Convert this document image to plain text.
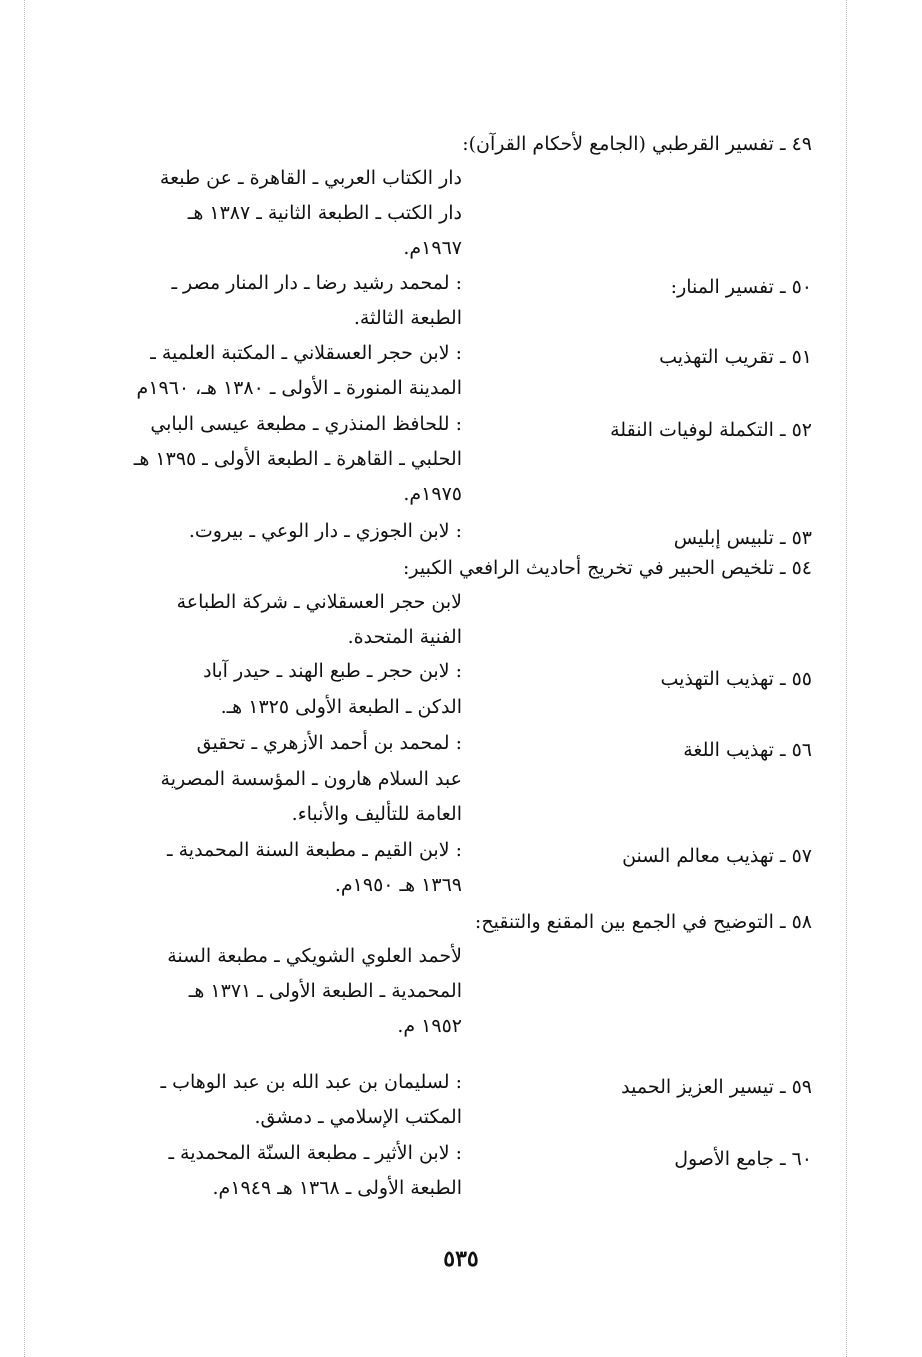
٤٩ ـ تفسير القرطبي (الجامع لأحكام القرآن):
دار الكتاب العربي ـ القاهرة ـ عن طبعة
دار الكتب ـ الطبعة الثانية ـ ١٣٨٧ هـ
١٩٦٧م.
٥٠ ـ تفسير المنار:
: لمحمد رشيد رضا ـ دار المنار مصر ـ
الطبعة الثالثة.
٥١ ـ تقريب التهذيب
: لابن حجر العسقلاني ـ المكتبة العلمية ـ
المدينة المنورة ـ الأولى ـ ١٣٨٠ هـ، ١٩٦٠م
٥٢ ـ التكملة لوفيات النقلة
: للحافظ المنذري ـ مطبعة عيسى البابي
الحلبي ـ القاهرة ـ الطبعة الأولى ـ ١٣٩٥ هـ
١٩٧٥م.
٥٣ ـ تلبيس إبليس
: لابن الجوزي ـ دار الوعي ـ بيروت.
٥٤ ـ تلخيص الحبير في تخريج أحاديث الرافعي الكبير:
لابن حجر العسقلاني ـ شركة الطباعة
الفنية المتحدة.
٥٥ ـ تهذيب التهذيب
: لابن حجر ـ طبع الهند ـ حيدر آباد
الدكن ـ الطبعة الأولى ١٣٢٥ هـ.
٥٦ ـ تهذيب اللغة
: لمحمد بن أحمد الأزهري ـ تحقيق
عبد السلام هارون ـ المؤسسة المصرية
العامة للتأليف والأنباء.
٥٧ ـ تهذيب معالم السنن
: لابن القيم ـ مطبعة السنة المحمدية ـ
١٣٦٩ هـ ١٩٥٠م.
٥٨ ـ التوضيح في الجمع بين المقنع والتنقيح:
لأحمد العلوي الشويكي ـ مطبعة السنة
المحمدية ـ الطبعة الأولى ـ ١٣٧١ هـ
١٩٥٢ م.
٥٩ ـ تيسير العزيز الحميد
: لسليمان بن عبد الله بن عبد الوهاب ـ
المكتب الإسلامي ـ دمشق.
٦٠ ـ جامع الأصول
: لابن الأثير ـ مطبعة السنّة المحمدية ـ
الطبعة الأولى ـ ١٣٦٨ هـ ١٩٤٩م.
٥٣٥
